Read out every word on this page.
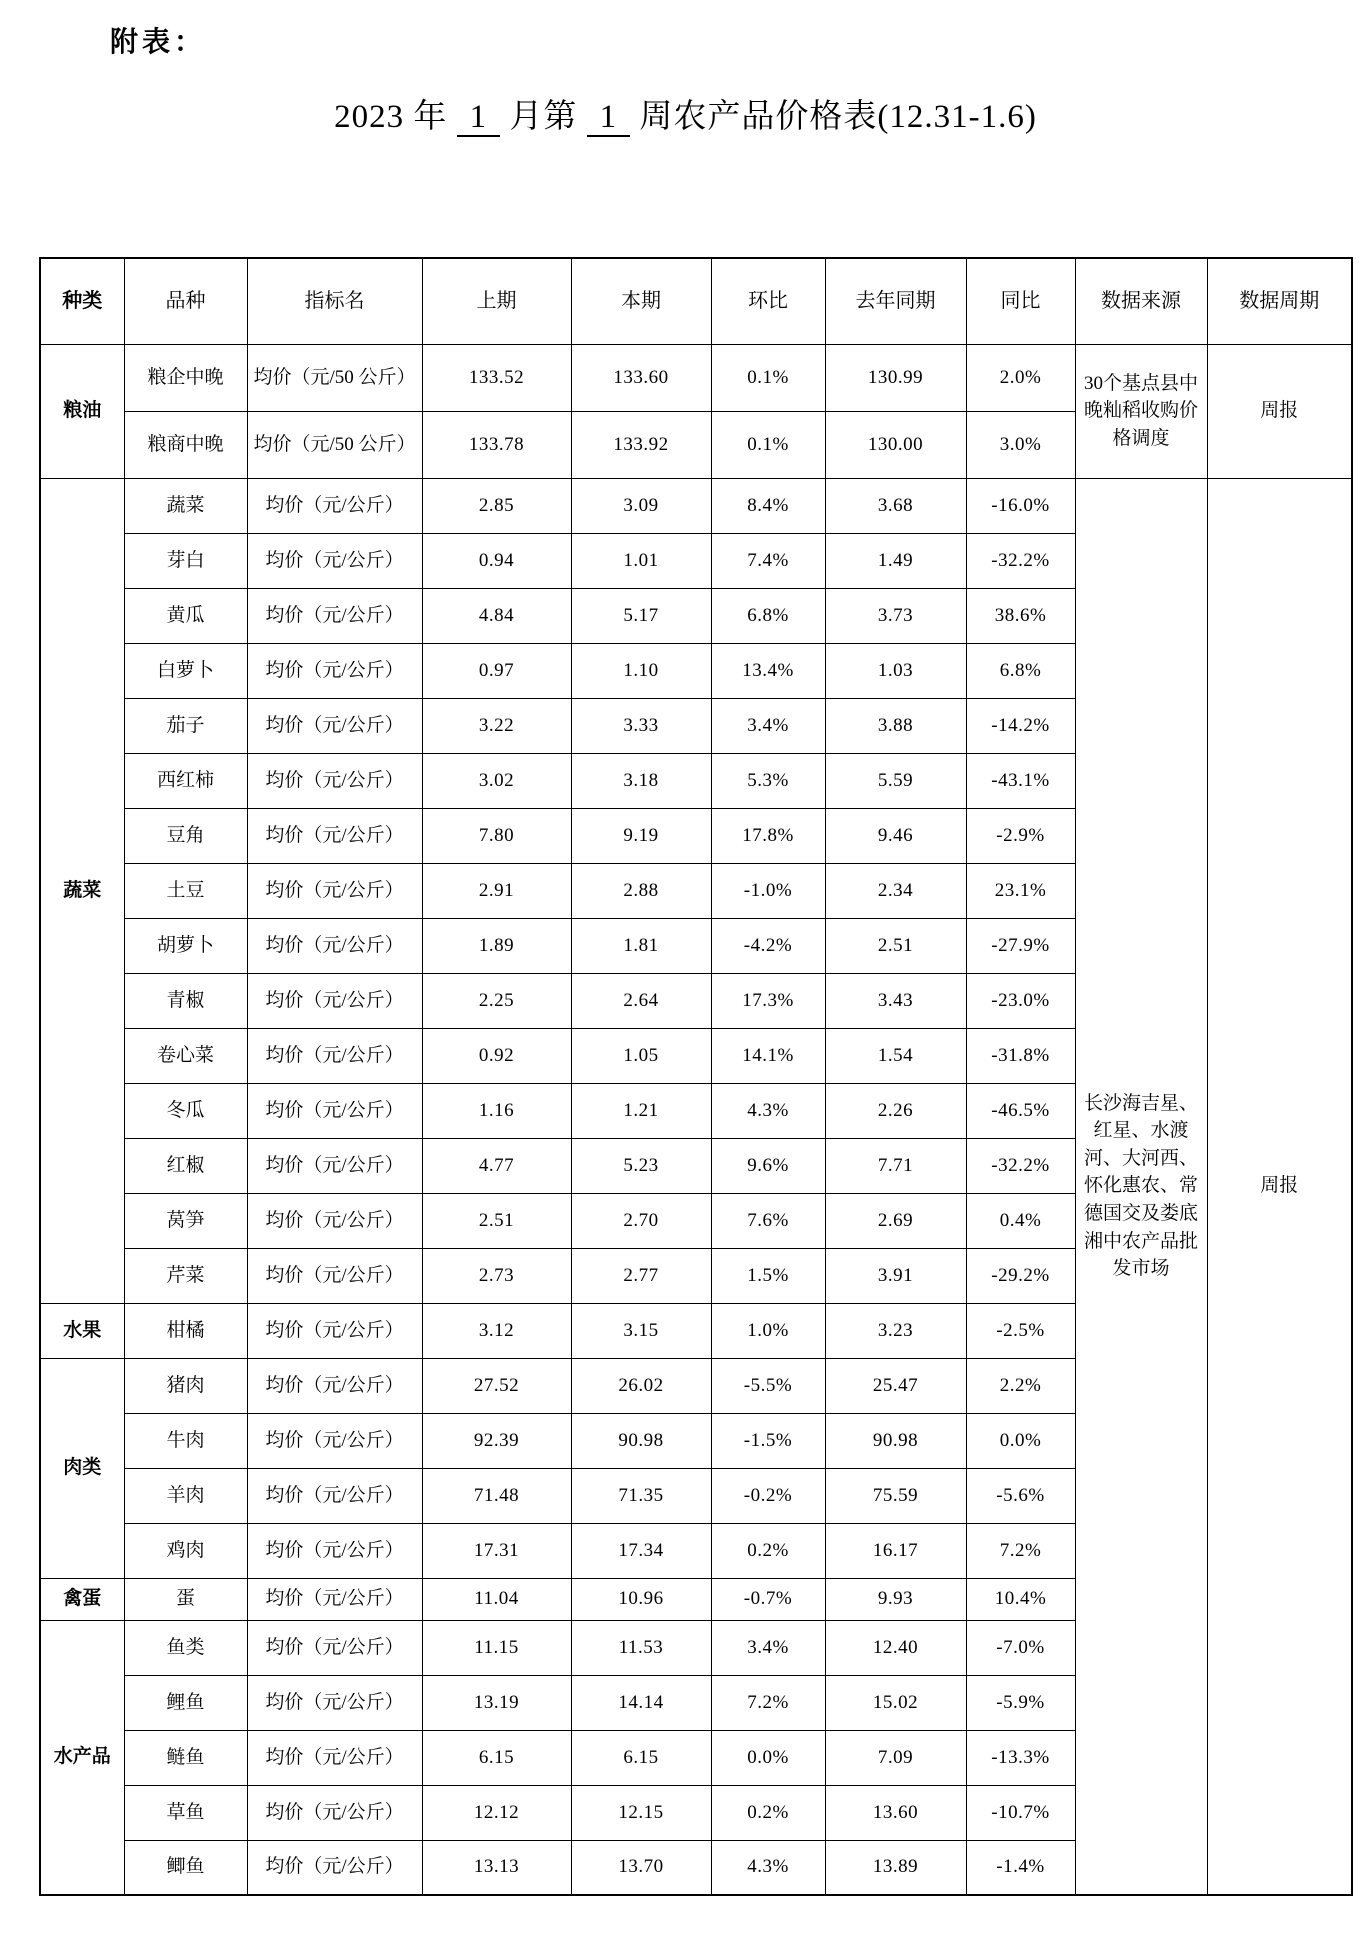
附表：
2023 年 1 月第 1 周农产品价格表(12.31-1.6)
种类	品种	指标名	上期	本期	环比	去年同期	同比	数据来源	数据周期
粮油	粮企中晚	均价（元/50 公斤）	133.52	133.60	0.1%	130.99	2.0%	30个基点县中晚籼稻收购价格调度	周报
	粮商中晚	均价（元/50 公斤）	133.78	133.92	0.1%	130.00	3.0%		
蔬菜	蔬菜	均价（元/公斤）	2.85	3.09	8.4%	3.68	-16.0%	长沙海吉星、红星、水渡河、大河西、怀化惠农、常德国交及娄底湘中农产品批发市场	周报
	芽白	均价（元/公斤）	0.94	1.01	7.4%	1.49	-32.2%		
	黄瓜	均价（元/公斤）	4.84	5.17	6.8%	3.73	38.6%		
	白萝卜	均价（元/公斤）	0.97	1.10	13.4%	1.03	6.8%		
	茄子	均价（元/公斤）	3.22	3.33	3.4%	3.88	-14.2%		
	西红柿	均价（元/公斤）	3.02	3.18	5.3%	5.59	-43.1%		
	豆角	均价（元/公斤）	7.80	9.19	17.8%	9.46	-2.9%		
	土豆	均价（元/公斤）	2.91	2.88	-1.0%	2.34	23.1%		
	胡萝卜	均价（元/公斤）	1.89	1.81	-4.2%	2.51	-27.9%		
	青椒	均价（元/公斤）	2.25	2.64	17.3%	3.43	-23.0%		
	卷心菜	均价（元/公斤）	0.92	1.05	14.1%	1.54	-31.8%		
	冬瓜	均价（元/公斤）	1.16	1.21	4.3%	2.26	-46.5%		
	红椒	均价（元/公斤）	4.77	5.23	9.6%	7.71	-32.2%		
	莴笋	均价（元/公斤）	2.51	2.70	7.6%	2.69	0.4%		
	芹菜	均价（元/公斤）	2.73	2.77	1.5%	3.91	-29.2%		
水果	柑橘	均价（元/公斤）	3.12	3.15	1.0%	3.23	-2.5%		
肉类	猪肉	均价（元/公斤）	27.52	26.02	-5.5%	25.47	2.2%		
	牛肉	均价（元/公斤）	92.39	90.98	-1.5%	90.98	0.0%		
	羊肉	均价（元/公斤）	71.48	71.35	-0.2%	75.59	-5.6%		
	鸡肉	均价（元/公斤）	17.31	17.34	0.2%	16.17	7.2%		
禽蛋	蛋	均价（元/公斤）	11.04	10.96	-0.7%	9.93	10.4%		
水产品	鱼类	均价（元/公斤）	11.15	11.53	3.4%	12.40	-7.0%		
	鲤鱼	均价（元/公斤）	13.19	14.14	7.2%	15.02	-5.9%		
	鲢鱼	均价（元/公斤）	6.15	6.15	0.0%	7.09	-13.3%		
	草鱼	均价（元/公斤）	12.12	12.15	0.2%	13.60	-10.7%		
	鲫鱼	均价（元/公斤）	13.13	13.70	4.3%	13.89	-1.4%		
